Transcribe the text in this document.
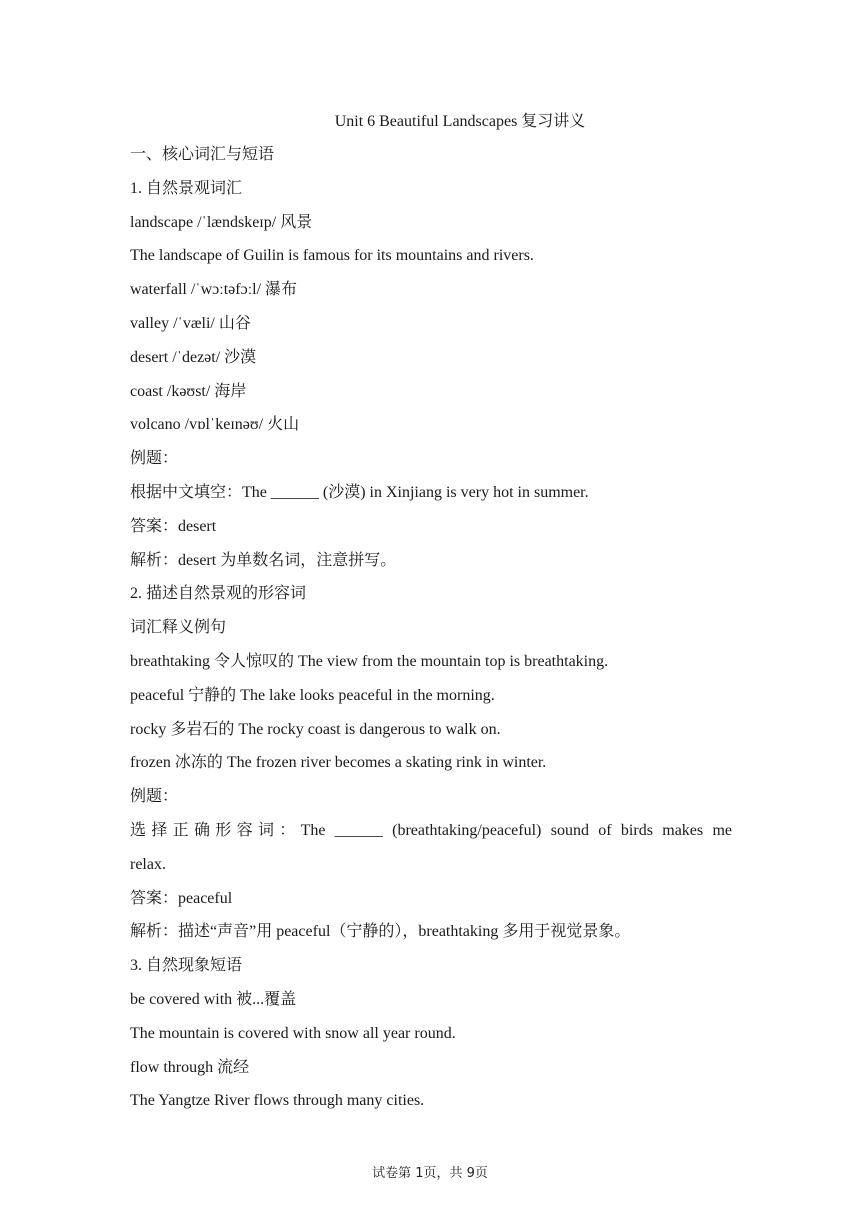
Unit 6 Beautiful Landscapes 复习讲义
一、核心词汇与短语
1. 自然景观词汇
landscape /ˈlændskeɪp/ 风景
The landscape of Guilin is famous for its mountains and rivers.
waterfall /ˈwɔːtəfɔːl/ 瀑布
valley /ˈvæli/ 山谷
desert /ˈdezət/ 沙漠
coast /kəʊst/ 海岸
volcano /vɒlˈkeɪnəʊ/ 火山
例题：
根据中文填空：The ______ (沙漠) in Xinjiang is very hot in summer.
答案：desert
解析：desert 为单数名词，注意拼写。
2. 描述自然景观的形容词
词汇释义例句
breathtaking 令人惊叹的 The view from the mountain top is breathtaking.
peaceful 宁静的 The lake looks peaceful in the morning.
rocky 多岩石的 The rocky coast is dangerous to walk on.
frozen 冰冻的 The frozen river becomes a skating rink in winter.
例题：
选择正确形容词：The ______ (breathtaking/peaceful) sound of birds makes me
relax.
答案：peaceful
解析：描述“声音”用 peaceful（宁静的），breathtaking 多用于视觉景象。
3. 自然现象短语
be covered with 被...覆盖
The mountain is covered with snow all year round.
flow through 流经
The Yangtze River flows through many cities.
试卷第 1页，共 9页
